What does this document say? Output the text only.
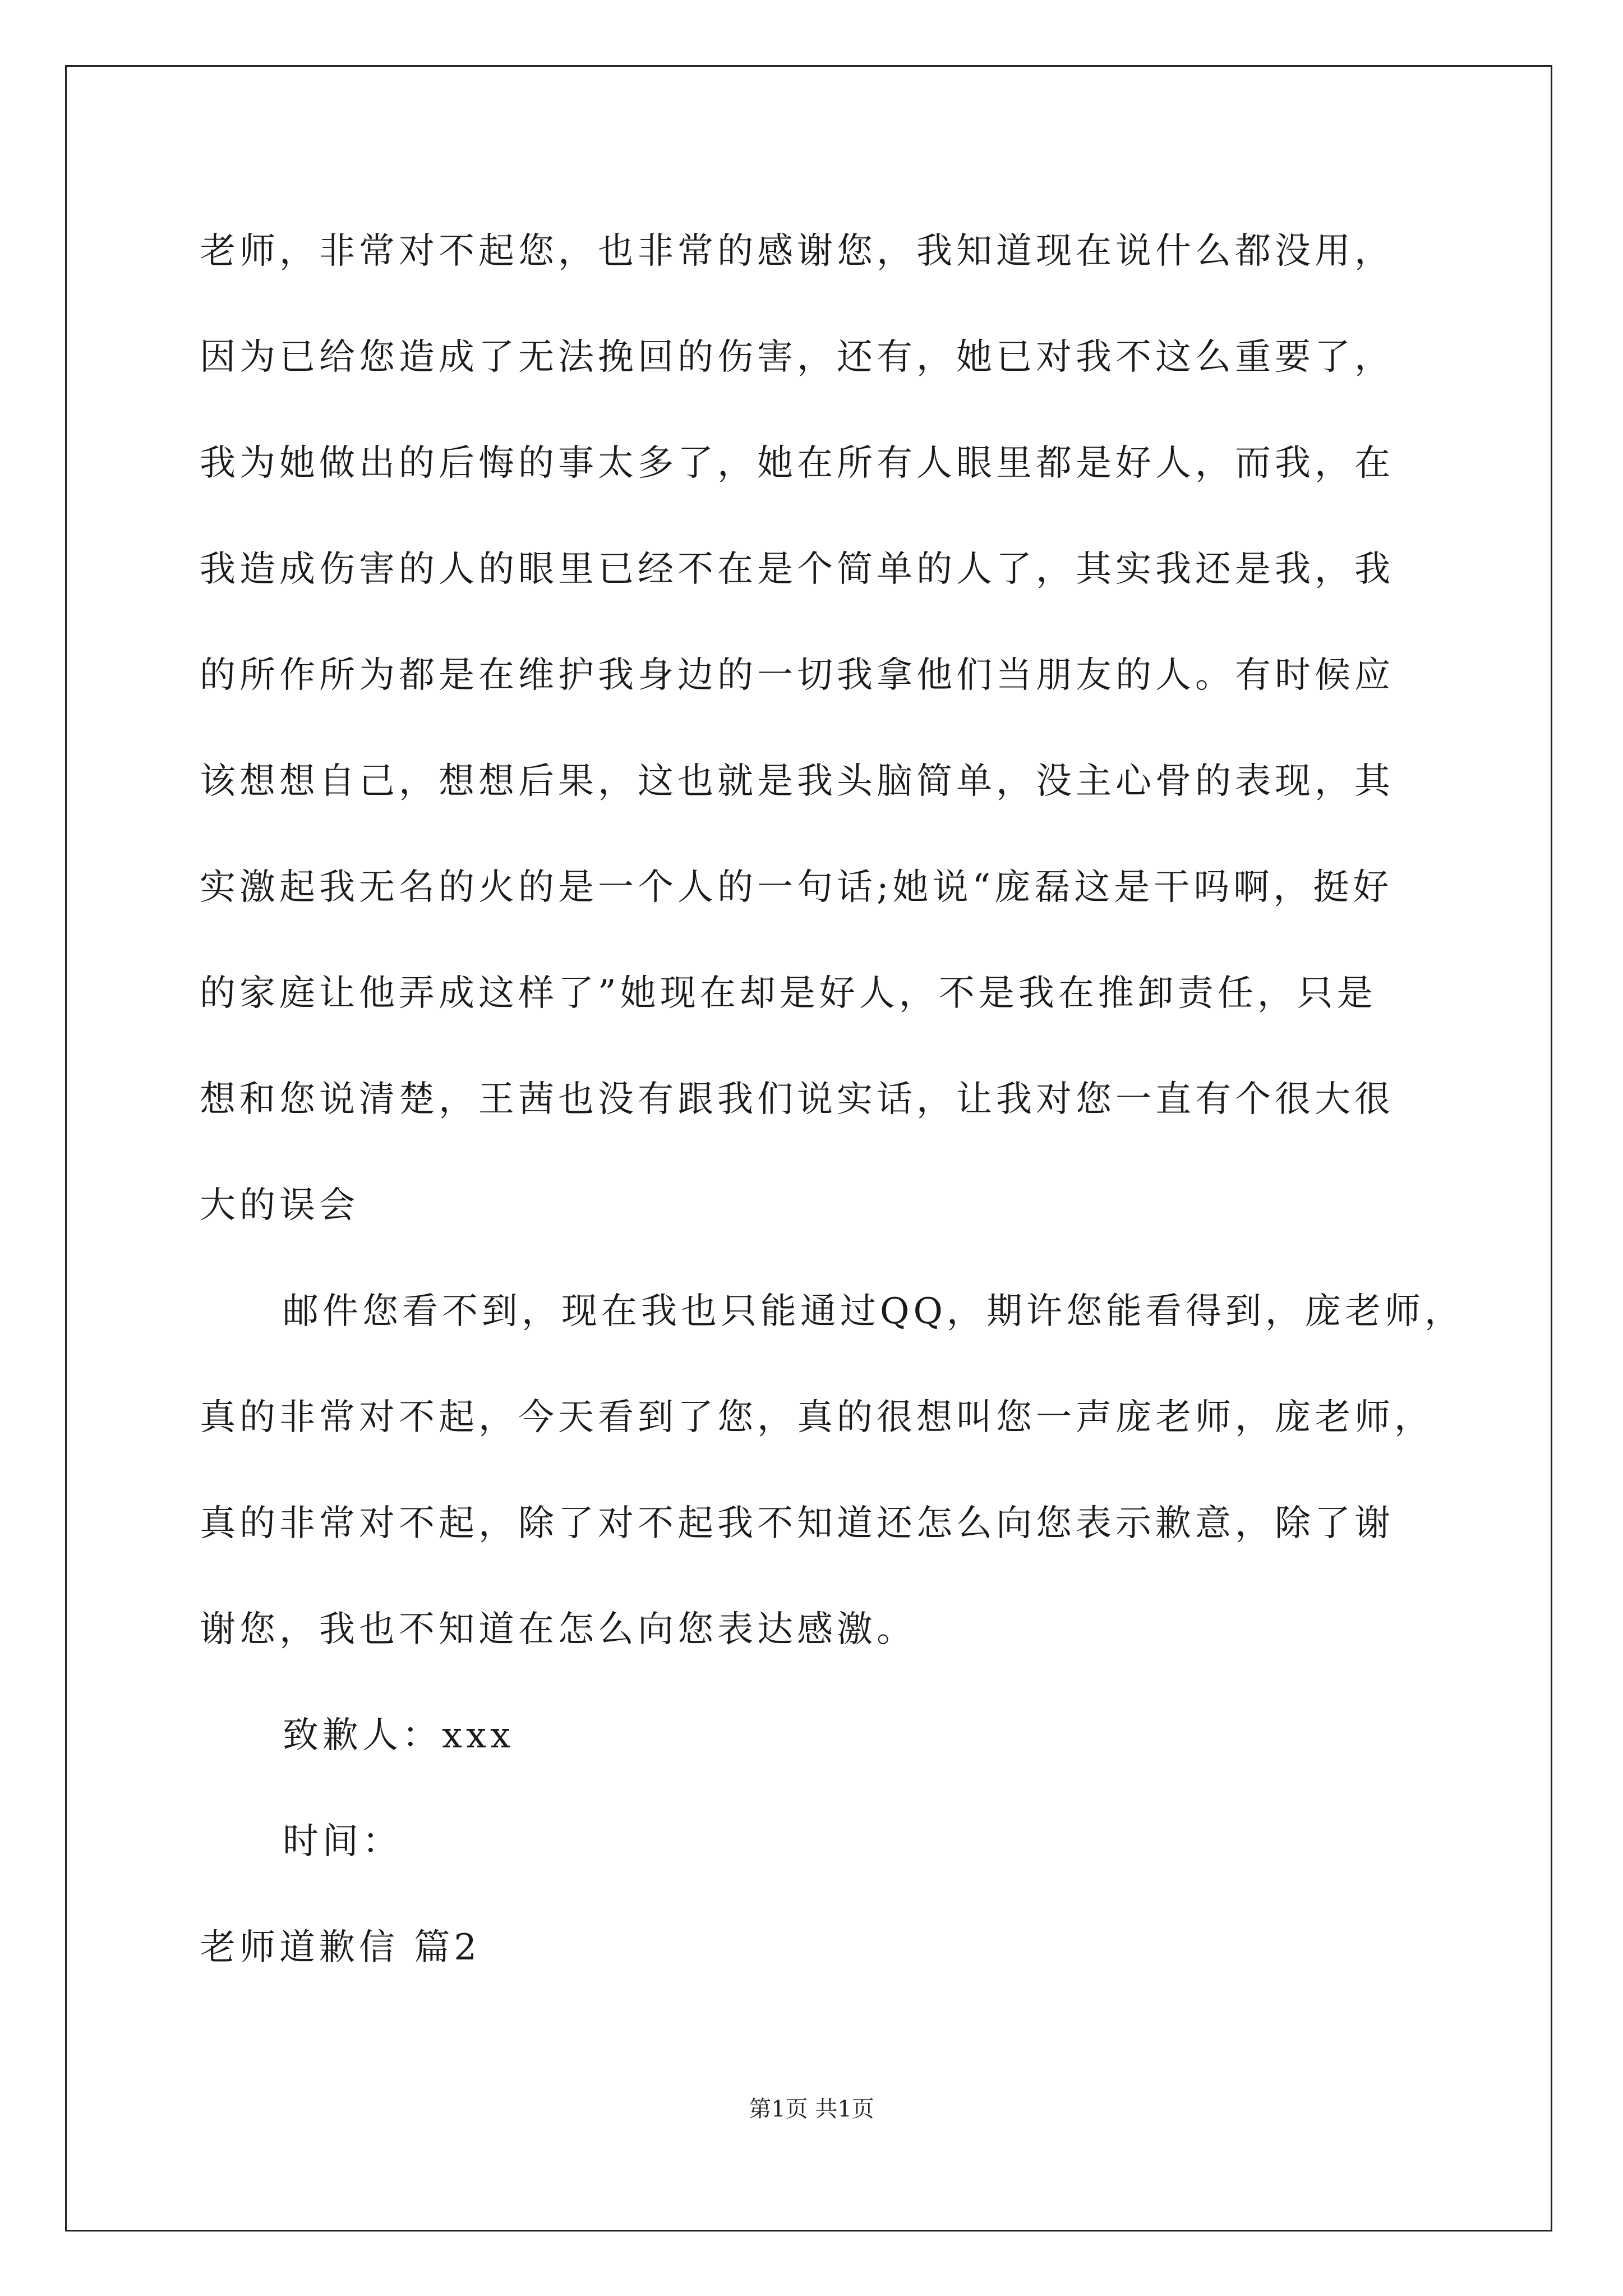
老师，非常对不起您，也非常的感谢您，我知道现在说什么都没用，
因为已给您造成了无法挽回的伤害，还有，她已对我不这么重要了，
我为她做出的后悔的事太多了，她在所有人眼里都是好人，而我，在
我造成伤害的人的眼里已经不在是个简单的人了，其实我还是我，我
的所作所为都是在维护我身边的一切我拿他们当朋友的人。有时候应
该想想自己，想想后果，这也就是我头脑简单，没主心骨的表现，其
实激起我无名的火的是一个人的一句话;她说“庞磊这是干吗啊，挺好
的家庭让他弄成这样了”她现在却是好人，不是我在推卸责任，只是
想和您说清楚，王茜也没有跟我们说实话，让我对您一直有个很大很
大的误会
邮件您看不到，现在我也只能通过QQ，期许您能看得到，庞老师，
真的非常对不起，今天看到了您，真的很想叫您一声庞老师，庞老师，
真的非常对不起，除了对不起我不知道还怎么向您表示歉意，除了谢
谢您，我也不知道在怎么向您表达感激。
致歉人：xxx
时间：
老师道歉信 篇2
第1页 共1页
